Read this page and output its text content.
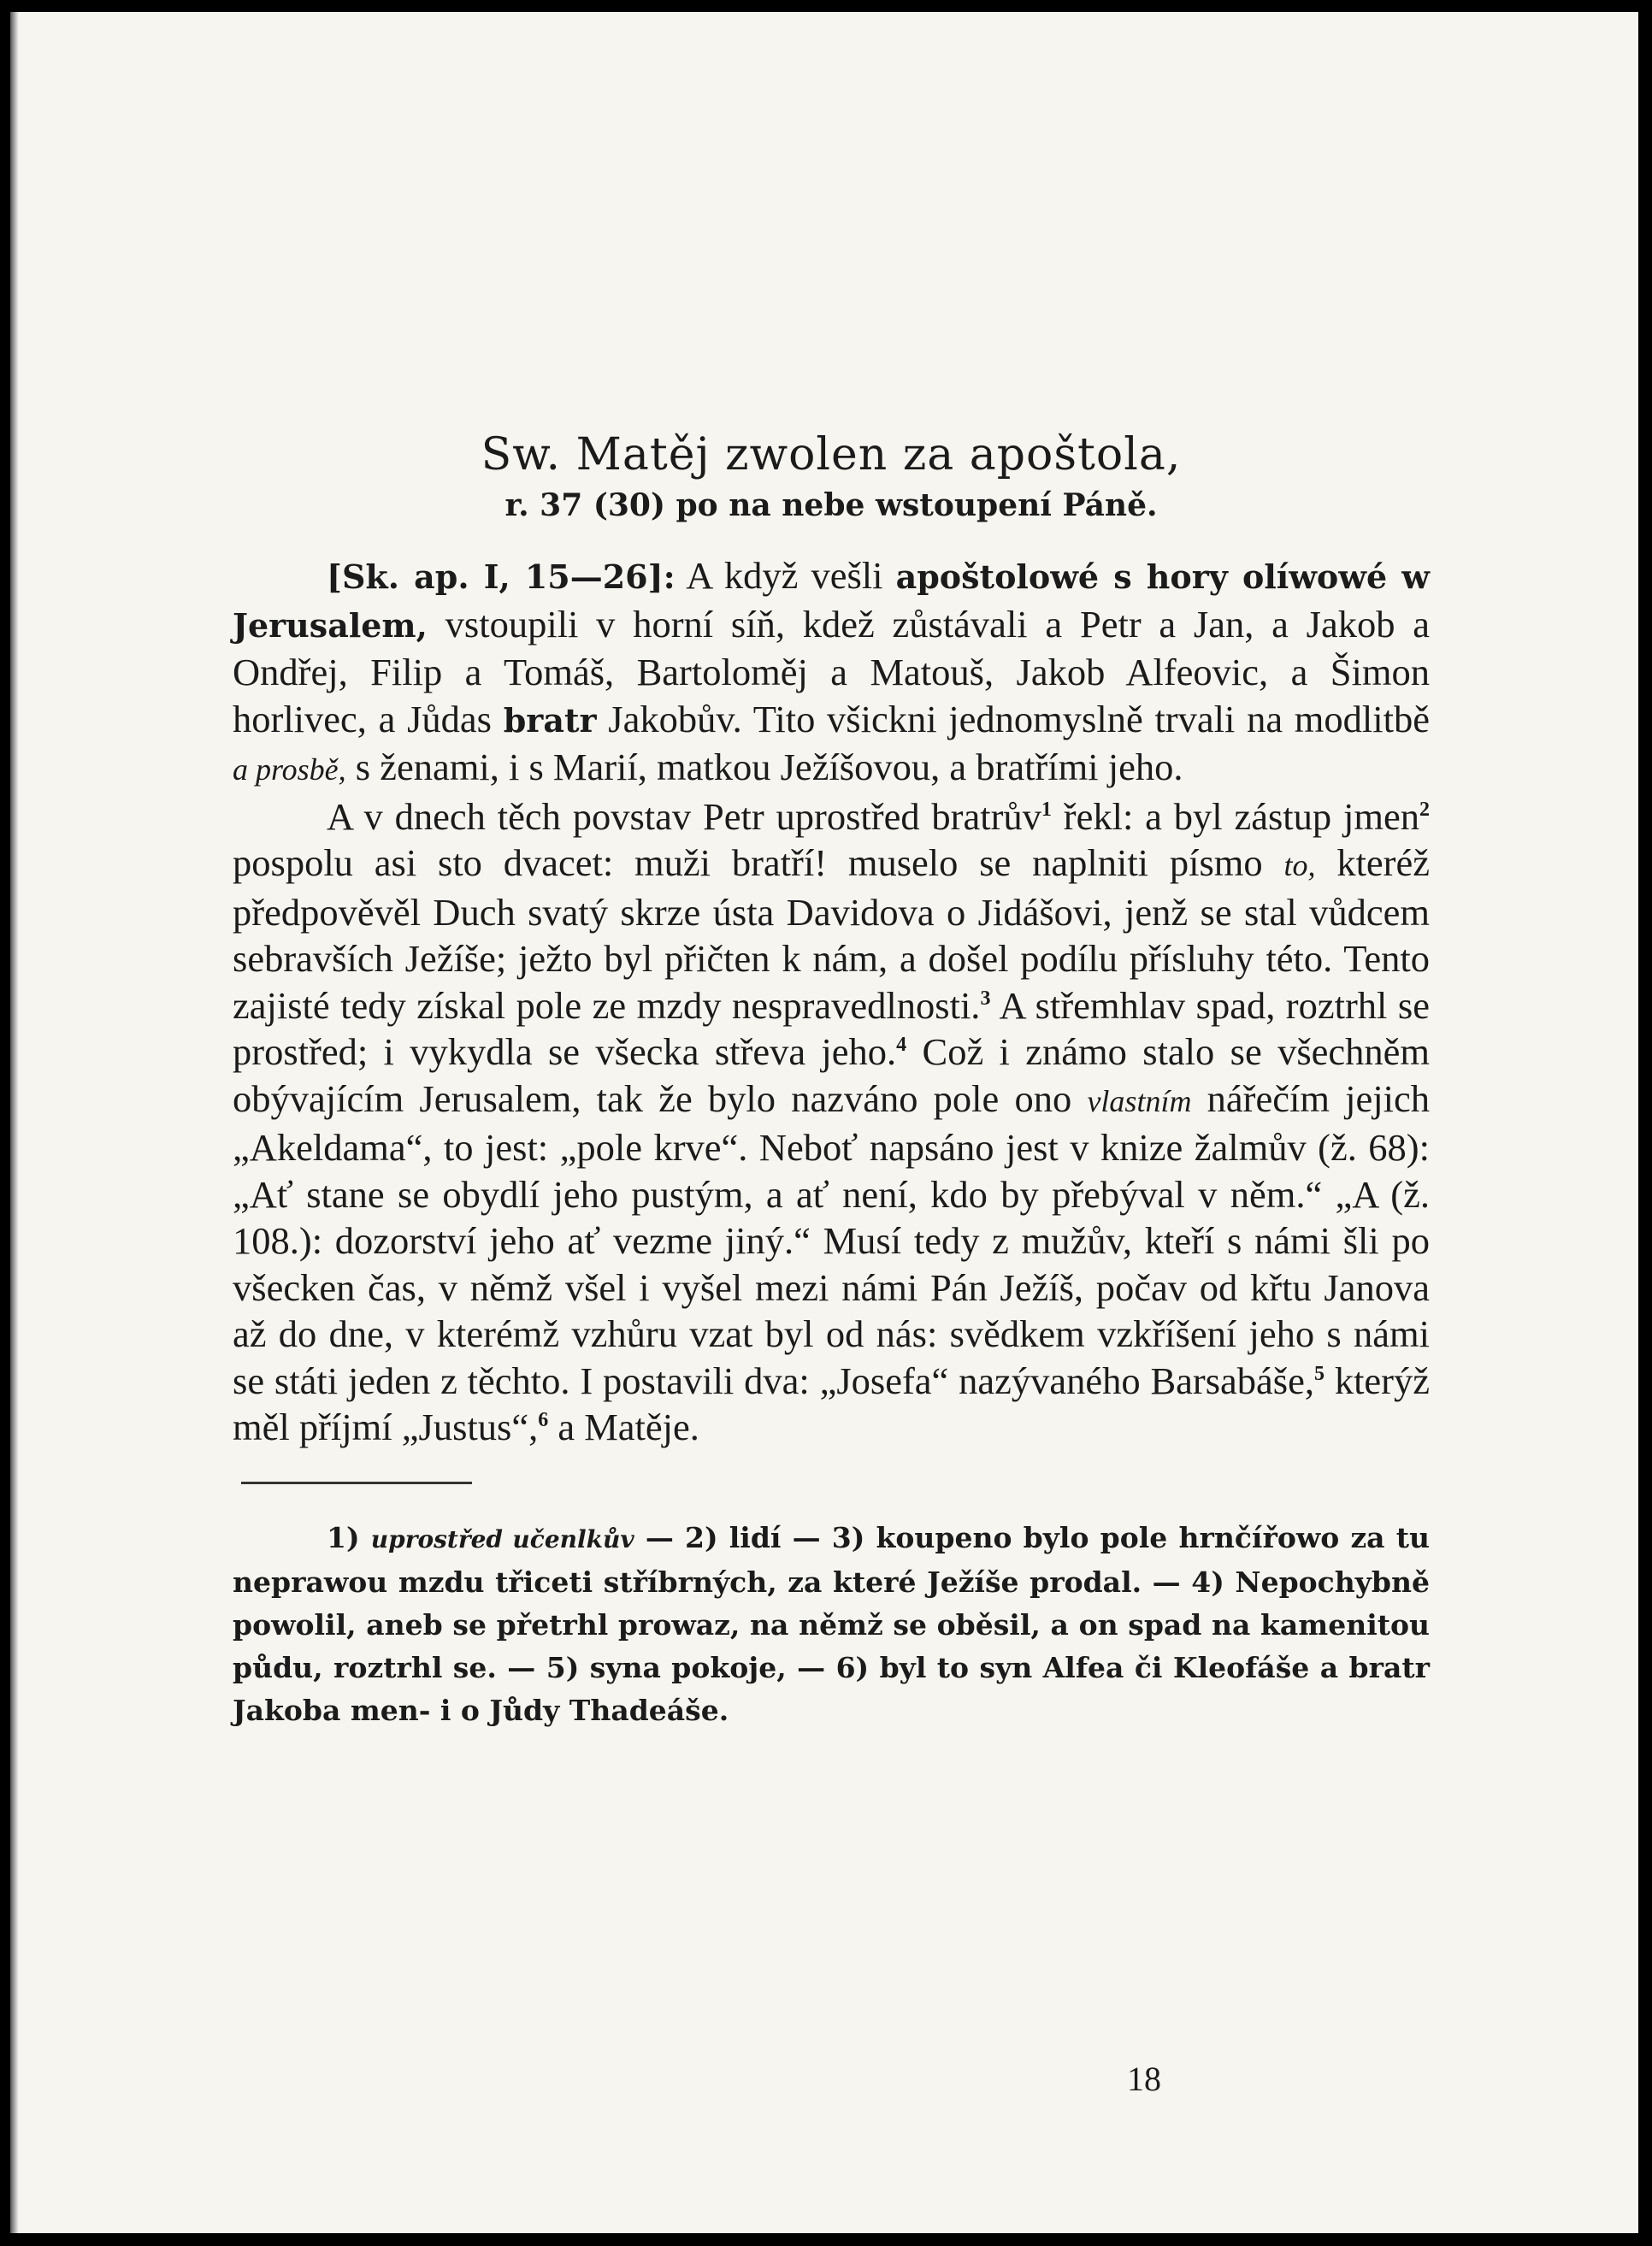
Sw. Matěj zwolen za apoštola,
r. 37 (30) po na nebe wstoupení Páně.

[Sk. ap. I, 15—26]: A když vešli apoštolowé s hory olíwowé w Jerusalem, vstoupili v horní síň, kdež zůstávali a Petr a Jan, a Jakob a Ondřej, Filip a Tomáš, Bartoloměj a Matouš, Jakob Alfeovic, a Šimon horlivec, a Jůdas bratr Jakobův. Tito všickni jednomyslně trvali na modlitbě a prosbě, s ženami, i s Marií, matkou Ježíšovou, a bratřími jeho.

A v dnech těch povstav Petr uprostřed bratrův$^1$ řekl: a byl zástup jmen$^2$ pospolu asi sto dvacet: muži bratří! muselo se naplniti písmo to, kteréž předpověvěl Duch svatý skrze ústa Davidova o Jidášovi, jenž se stal vůdcem sebravších Ježíše; ježto byl přičten k nám, a došel podílu přísluhy této. Tento zajisté tedy získal pole ze mzdy nespravedlnosti.$^3$ A střemhlav spad, roztrhl se prostřed; i vykydla se všecka střeva jeho.$^4$ Což i známo stalo se všechněm obývajícím Jerusalem, tak že bylo nazváno pole ono vlastním nářečím jejich „Akeldama“, to jest: „pole krve“. Neboť napsáno jest v knize žalmův (ž. 68): „Ať stane se obydlí jeho pustým, a ať není, kdo by přebýval v něm.“ „A (ž. 108.): dozorství jeho ať vezme jiný.“ Musí tedy z mužův, kteří s námi šli po všecken čas, v němž všel i vyšel mezi námi Pán Ježíš, počav od křtu Janova až do dne, v kterémž vzhůru vzat byl od nás: svědkem vzkříšení jeho s námi se státi jeden z těchto. I postavili dva: „Josefa“ nazývaného Barsabáše,$^5$ kterýž měl příjmí „Justus“,$^6$ a Matěje.

1) uprostřed učenlkův — 2) lidí — 3) koupeno bylo pole hrnčířowo za tu neprawou mzdu třiceti stříbrných, za které Ježíše prodal. — 4) Nepochybně powolil, aneb se přetrhl prowaz, na němž se oběsil, a on spad na kamenitou půdu, roztrhl se. — 5) syna pokoje, — 6) byl to syn Alfea či Kleofáše a bratr Jakoba men- i o Jůdy Thadeáše.

18
